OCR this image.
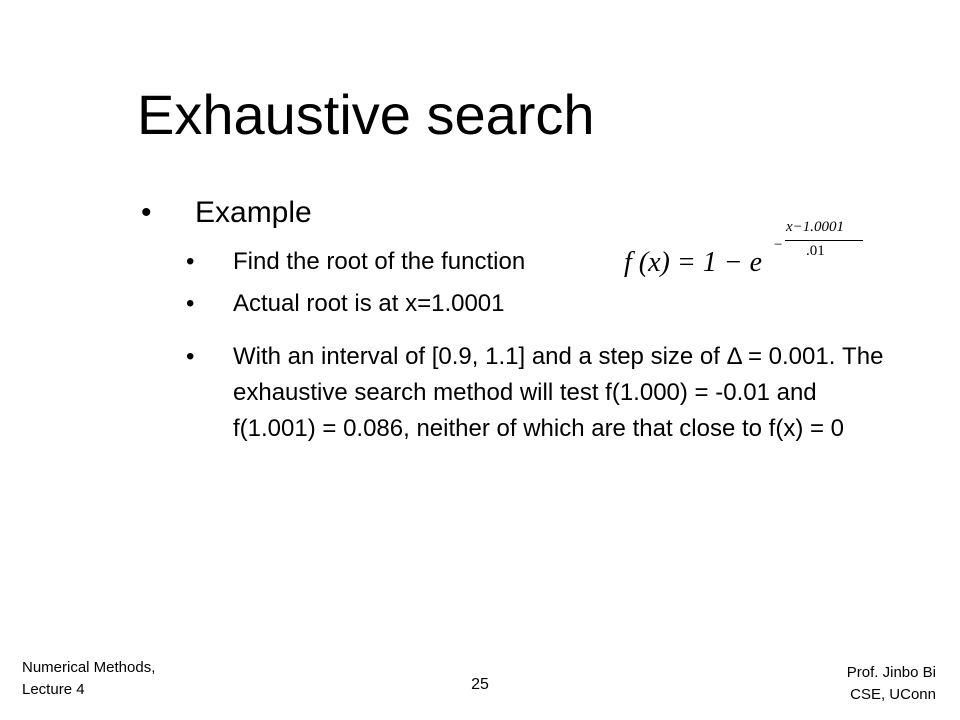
Exhaustive search
• Example
• Find the root of the function	f (x) = 1 − e
−
x−1.0001
.01
• Actual root is at x=1.0001
• With an interval of [0.9, 1.1] and a step size of Δ = 0.001. The exhaustive search method will test f(1.000) = -0.01 and f(1.001) = 0.086, neither of which are that close to f(x) = 0
Numerical Methods,
Lecture 4	25
Prof. Jinbo Bi
CSE, UConn
